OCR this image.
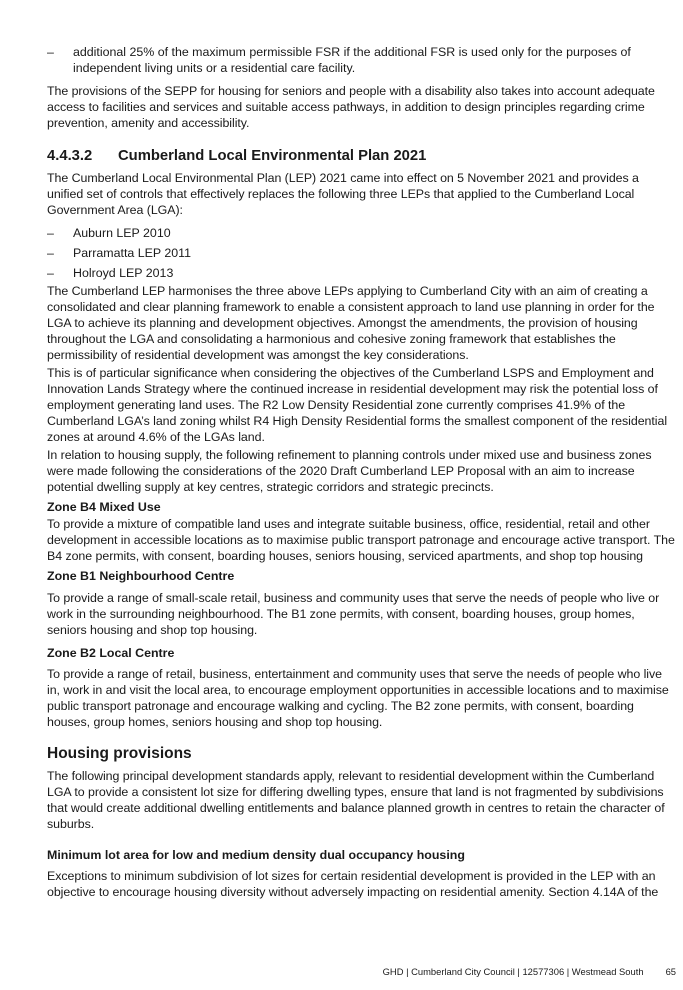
–	additional 25% of the maximum permissible FSR if the additional FSR is used only for the purposes of independent living units or a residential care facility.

The provisions of the SEPP for housing for seniors and people with a disability also takes into account adequate access to facilities and services and suitable access pathways, in addition to design principles regarding crime prevention, amenity and accessibility.

4.4.3.2	Cumberland Local Environmental Plan 2021

The Cumberland Local Environmental Plan (LEP) 2021 came into effect on 5 November 2021 and provides a unified set of controls that effectively replaces the following three LEPs that applied to the Cumberland Local Government Area (LGA):

–	Auburn LEP 2010
–	Parramatta LEP 2011
–	Holroyd LEP 2013

The Cumberland LEP harmonises the three above LEPs applying to Cumberland City with an aim of creating a consolidated and clear planning framework to enable a consistent approach to land use planning in order for the LGA to achieve its planning and development objectives. Amongst the amendments, the provision of housing throughout the LGA and consolidating a harmonious and cohesive zoning framework that establishes the permissibility of residential development was amongst the key considerations.

This is of particular significance when considering the objectives of the Cumberland LSPS and Employment and Innovation Lands Strategy where the continued increase in residential development may risk the potential loss of employment generating land uses. The R2 Low Density Residential zone currently comprises 41.9% of the Cumberland LGA’s land zoning whilst R4 High Density Residential forms the smallest component of the residential zones at around 4.6% of the LGAs land.

In relation to housing supply, the following refinement to planning controls under mixed use and business zones were made following the considerations of the 2020 Draft Cumberland LEP Proposal with an aim to increase potential dwelling supply at key centres, strategic corridors and strategic precincts.

Zone B4 Mixed Use

To provide a mixture of compatible land uses and integrate suitable business, office, residential, retail and other development in accessible locations as to maximise public transport patronage and encourage active transport. The B4 zone permits, with consent, boarding houses, seniors housing, serviced apartments, and shop top housing

Zone B1 Neighbourhood Centre

To provide a range of small-scale retail, business and community uses that serve the needs of people who live or work in the surrounding neighbourhood. The B1 zone permits, with consent, boarding houses, group homes, seniors housing and shop top housing.

Zone B2 Local Centre

To provide a range of retail, business, entertainment and community uses that serve the needs of people who live in, work in and visit the local area, to encourage employment opportunities in accessible locations and to maximise public transport patronage and encourage walking and cycling. The B2 zone permits, with consent, boarding houses, group homes, seniors housing and shop top housing.

Housing provisions

The following principal development standards apply, relevant to residential development within the Cumberland LGA to provide a consistent lot size for differing dwelling types, ensure that land is not fragmented by subdivisions that would create additional dwelling entitlements and balance planned growth in centres to retain the character of suburbs.

Minimum lot area for low and medium density dual occupancy housing

Exceptions to minimum subdivision of lot sizes for certain residential development is provided in the LEP with an objective to encourage housing diversity without adversely impacting on residential amenity. Section 4.14A of the

GHD | Cumberland City Council | 12577306 | Westmead South 65
